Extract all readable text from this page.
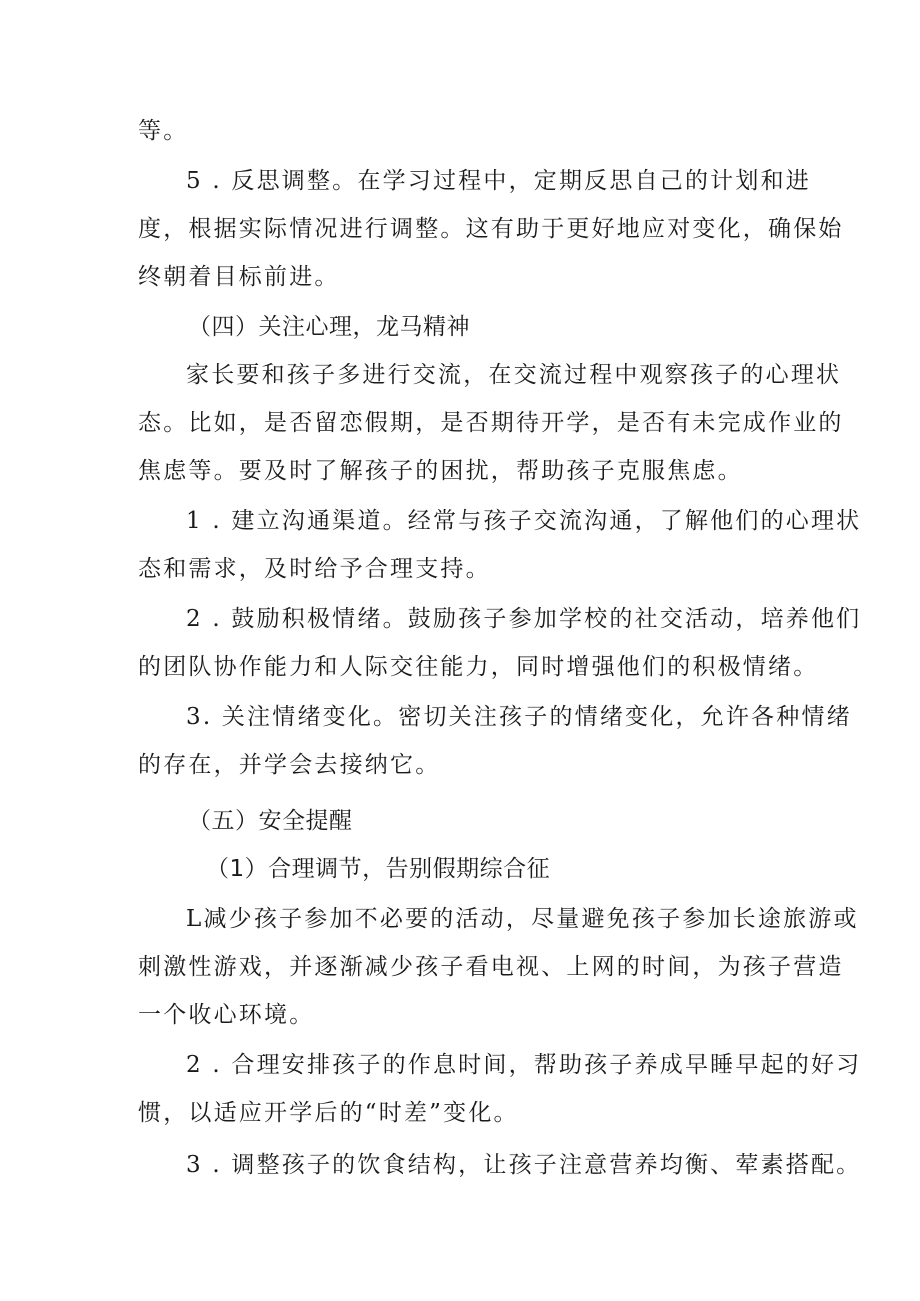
等。
5 . 反思调整。在学习过程中，定期反思自己的计划和进
度，根据实际情况进行调整。这有助于更好地应对变化，确保始
终朝着目标前进。
（四）关注心理，龙马精神
家长要和孩子多进行交流，在交流过程中观察孩子的心理状
态。比如，是否留恋假期，是否期待开学，是否有未完成作业的
焦虑等。要及时了解孩子的困扰，帮助孩子克服焦虑。
1 . 建立沟通渠道。经常与孩子交流沟通，了解他们的心理状
态和需求，及时给予合理支持。
2 . 鼓励积极情绪。鼓励孩子参加学校的社交活动，培养他们
的团队协作能力和人际交往能力，同时增强他们的积极情绪。
3. 关注情绪变化。密切关注孩子的情绪变化，允许各种情绪
的存在，并学会去接纳它。
（五）安全提醒
（1）合理调节，告别假期综合征
L减少孩子参加不必要的活动，尽量避免孩子参加长途旅游或
刺激性游戏，并逐渐减少孩子看电视、上网的时间，为孩子营造
一个收心环境。
2 . 合理安排孩子的作息时间，帮助孩子养成早睡早起的好习
惯，以适应开学后的“时差”变化。
3 . 调整孩子的饮食结构，让孩子注意营养均衡、荤素搭配。
